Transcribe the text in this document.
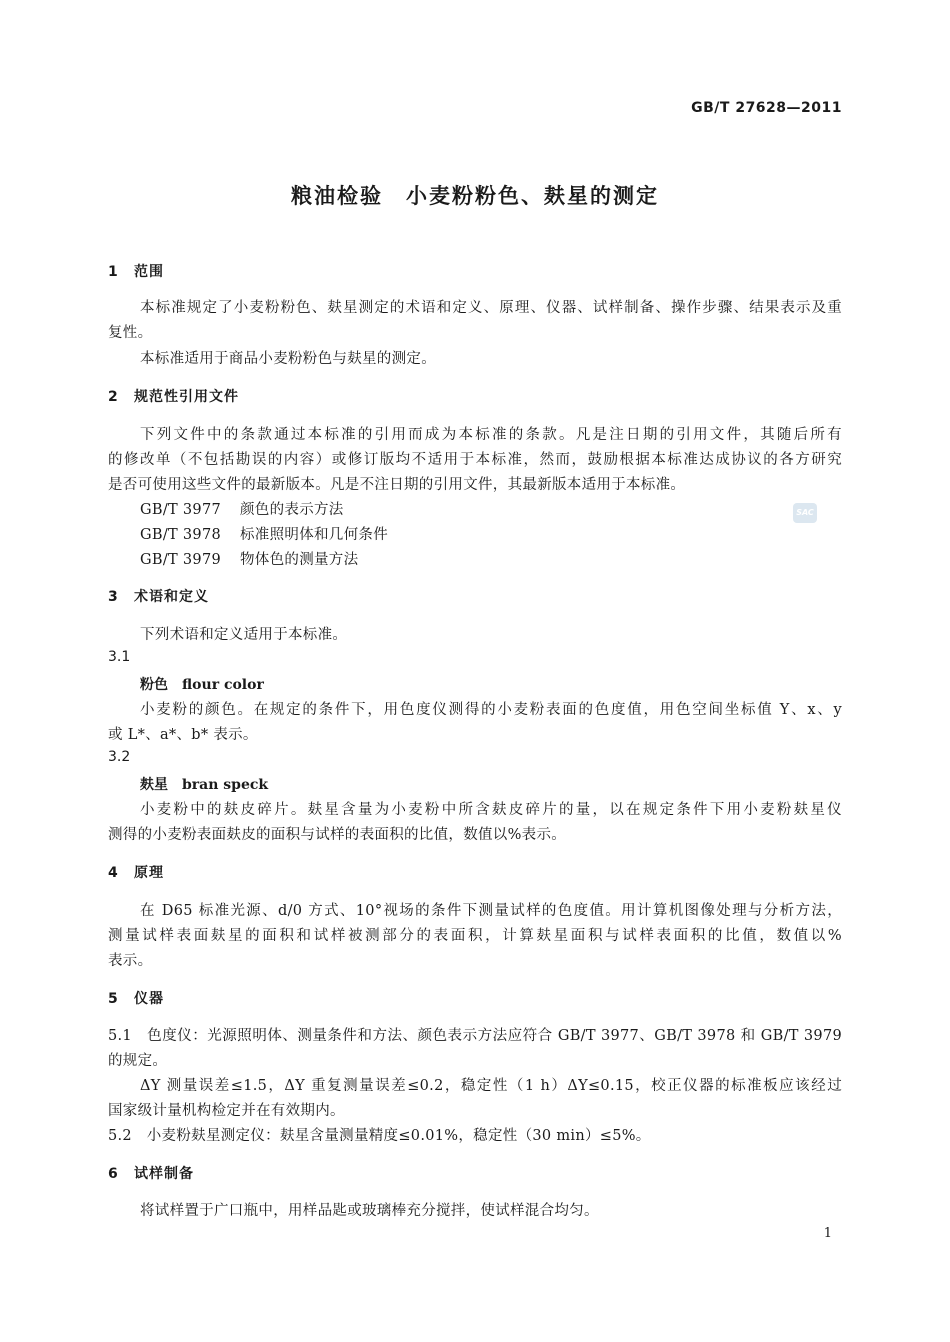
GB/T 27628—2011
粮油检验　小麦粉粉色、麸星的测定
1 范围
本标准规定了小麦粉粉色、麸星测定的术语和定义、原理、仪器、试样制备、操作步骤、结果表示及重
复性。
本标准适用于商品小麦粉粉色与麸星的测定。
2 规范性引用文件
下列文件中的条款通过本标准的引用而成为本标准的条款。凡是注日期的引用文件，其随后所有
的修改单（不包括勘误的内容）或修订版均不适用于本标准，然而，鼓励根据本标准达成协议的各方研究
是否可使用这些文件的最新版本。凡是不注日期的引用文件，其最新版本适用于本标准。
GB/T 3977 颜色的表示方法
GB/T 3978 标准照明体和几何条件
GB/T 3979 物体色的测量方法
SAC
3 术语和定义
下列术语和定义适用于本标准。
3.1
粉色 flour color
小麦粉的颜色。在规定的条件下，用色度仪测得的小麦粉表面的色度值，用色空间坐标值 Y、x、y
或 L*、a*、b* 表示。
3.2
麸星 bran speck
小麦粉中的麸皮碎片。麸星含量为小麦粉中所含麸皮碎片的量，以在规定条件下用小麦粉麸星仪
测得的小麦粉表面麸皮的面积与试样的表面积的比值，数值以%表示。
4 原理
在 D65 标准光源、d/0 方式、10°视场的条件下测量试样的色度值。用计算机图像处理与分析方法，
测量试样表面麸星的面积和试样被测部分的表面积，计算麸星面积与试样表面积的比值，数值以%
表示。
5 仪器
5.1　色度仪：光源照明体、测量条件和方法、颜色表示方法应符合 GB/T 3977、GB/T 3978 和 GB/T 3979
的规定。
ΔY 测量误差≤1.5，ΔY 重复测量误差≤0.2，稳定性（1 h）ΔY≤0.15，校正仪器的标准板应该经过
国家级计量机构检定并在有效期内。
5.2　小麦粉麸星测定仪：麸星含量测量精度≤0.01%，稳定性（30 min）≤5%。
6 试样制备
将试样置于广口瓶中，用样品匙或玻璃棒充分搅拌，使试样混合均匀。
1
